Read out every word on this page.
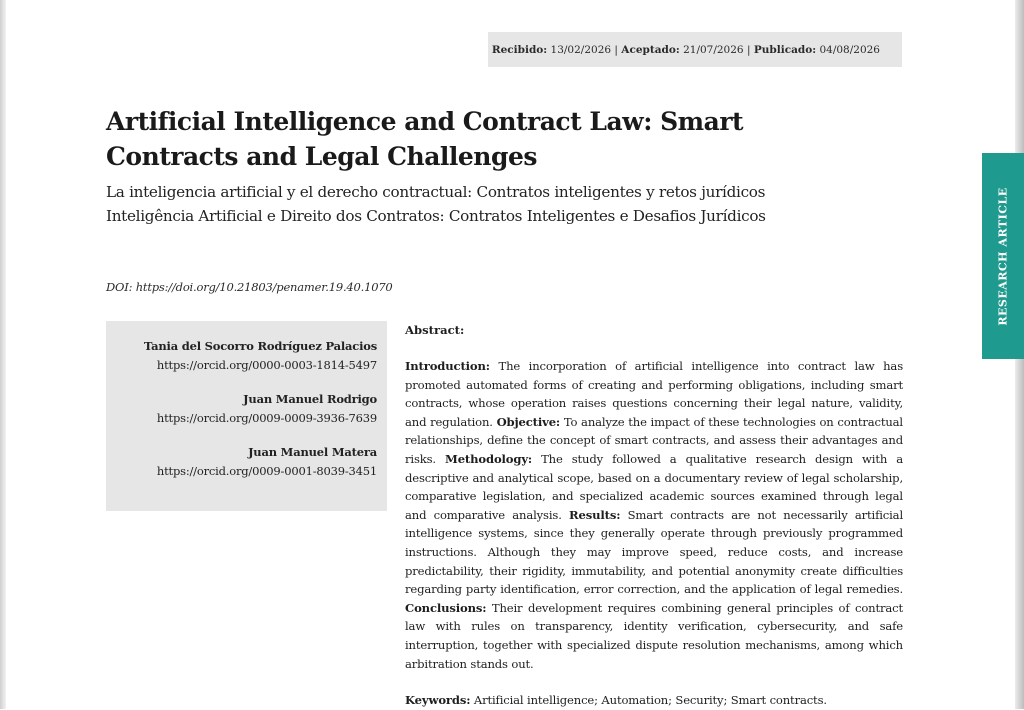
Recibido: 13/02/2026 | Aceptado: 21/07/2026 | Publicado: 04/08/2026
Artificial Intelligence and Contract Law: Smart Contracts and Legal Challenges

La inteligencia artificial y el derecho contractual: Contratos inteligentes y retos jurídicos

Inteligência Artificial e Direito dos Contratos: Contratos Inteligentes e Desafios Jurídicos

DOI: https://doi.org/10.21803/penamer.19.40.1070

Tania del Socorro Rodríguez Palacios
https://orcid.org/0000-0003-1814-5497
Juan Manuel Rodrigo
https://orcid.org/0009-0009-3936-7639
Juan Manuel Matera
https://orcid.org/0009-0001-8039-3451

Abstract:

Introduction: The incorporation of artificial intelligence into contract law has promoted automated forms of creating and performing obligations, including smart contracts, whose operation raises questions concerning their legal nature, validity, and regulation. Objective: To analyze the impact of these technologies on contractual relationships, define the concept of smart contracts, and assess their advantages and risks. Methodology: The study followed a qualitative research design with a descriptive and analytical scope, based on a documentary review of legal scholarship, comparative legislation, and specialized academic sources examined through legal and comparative analysis. Results: Smart contracts are not necessarily artificial intelligence systems, since they generally operate through previously programmed instructions. Although they may improve speed, reduce costs, and increase predictability, their rigidity, immutability, and potential anonymity create difficulties regarding party identification, error correction, and the application of legal remedies. Conclusions: Their development requires combining general principles of contract law with rules on transparency, identity verification, cybersecurity, and safe interruption, together with specialized dispute resolution mechanisms, among which arbitration stands out.

Keywords: Artificial intelligence; Automation; Security; Smart contracts.

RESEARCH ARTICLE
